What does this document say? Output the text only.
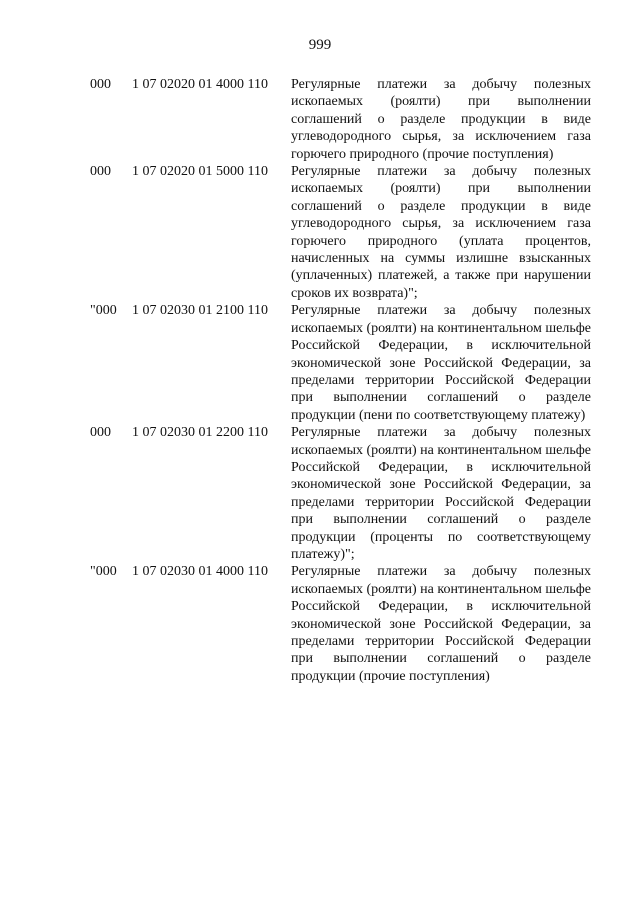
999
000	1 07 02020 01 4000 110	Регулярные платежи за добычу полезных ископаемых (роялти) при выполнении соглашений о разделе продукции в виде углеводородного сырья, за исключением газа горючего природного (прочие поступления)
000	1 07 02020 01 5000 110	Регулярные платежи за добычу полезных ископаемых (роялти) при выполнении соглашений о разделе продукции в виде углеводородного сырья, за исключением газа горючего природного (уплата процентов, начисленных на суммы излишне взысканных (уплаченных) платежей, а также при нарушении сроков их возврата)";
"000	1 07 02030 01 2100 110	Регулярные платежи за добычу полезных ископаемых (роялти) на континентальном шельфе Российской Федерации, в исключительной экономической зоне Российской Федерации, за пределами территории Российской Федерации при выполнении соглашений о разделе продукции (пени по соответствующему платежу)
000	1 07 02030 01 2200 110	Регулярные платежи за добычу полезных ископаемых (роялти) на континентальном шельфе Российской Федерации, в исключительной экономической зоне Российской Федерации, за пределами территории Российской Федерации при выполнении соглашений о разделе продукции (проценты по соответствующему платежу)";
"000	1 07 02030 01 4000 110	Регулярные платежи за добычу полезных ископаемых (роялти) на континентальном шельфе Российской Федерации, в исключительной экономической зоне Российской Федерации, за пределами территории Российской Федерации при выполнении соглашений о разделе продукции (прочие поступления)
